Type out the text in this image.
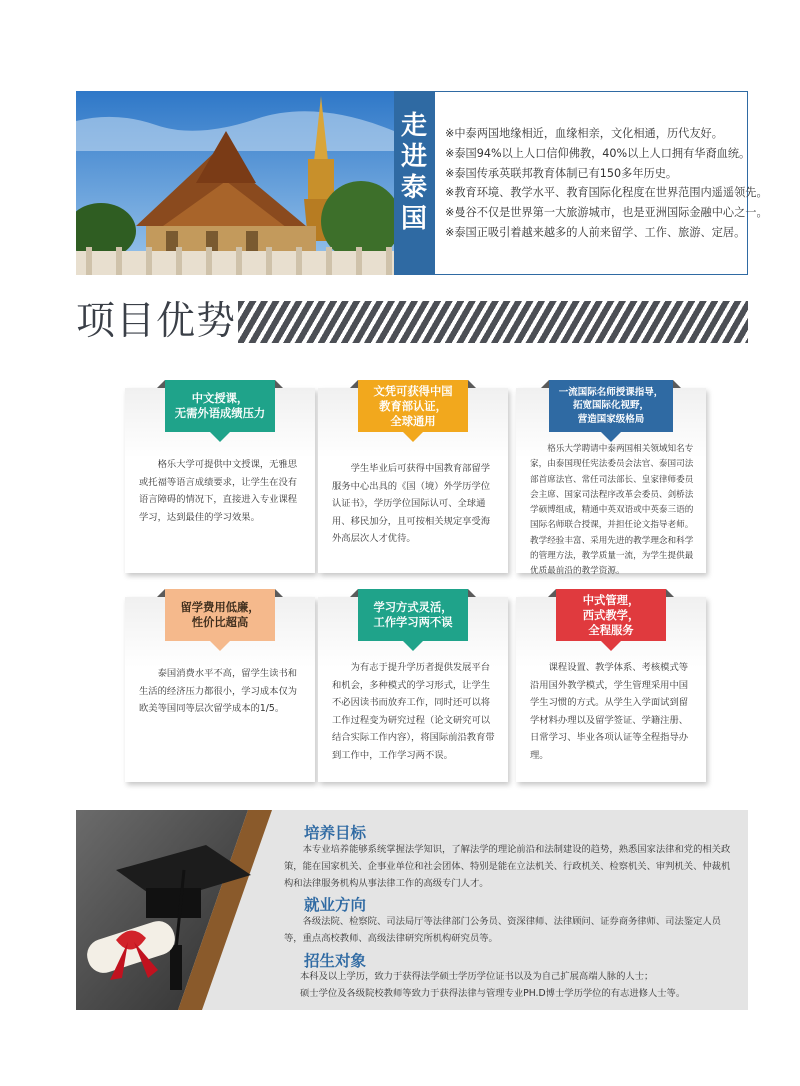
走进泰国
※中泰两国地缘相近，血缘相亲，文化相通，历代友好。
※泰国94%以上人口信仰佛教，40%以上人口拥有华裔血统。
※泰国传承英联邦教育体制已有150多年历史。
※教育环境、教学水平、教育国际化程度在世界范围内遥遥领先。
※曼谷不仅是世界第一大旅游城市，也是亚洲国际金融中心之一。
※泰国正吸引着越来越多的人前来留学、工作、旅游、定居。
项目优势
中文授课，
无需外语成绩压力
格乐大学可提供中文授课，无雅思或托福等语言成绩要求，让学生在没有语言障碍的情况下，直接进入专业课程学习，达到最佳的学习效果。
文凭可获得中国
教育部认证，
全球通用
学生毕业后可获得中国教育部留学服务中心出具的《国（境）外学历学位认证书》，学历学位国际认可、全球通用、移民加分，且可按相关规定享受海外高层次人才优待。
一流国际名师授课指导，
拓宽国际化视野，
营造国家级格局
格乐大学聘请中泰两国相关领域知名专家，由泰国现任宪法委员会法官、泰国司法部首席法官、常任司法部长、皇家律师委员会主席、国家司法程序改革会委员、剑桥法学硕博组成，精通中英双语或中英泰三语的国际名师联合授课，并担任论文指导老师。教学经验丰富、采用先进的教学理念和科学的管理方法，教学质量一流，为学生提供最优质最前沿的教学资源。
留学费用低廉，
性价比超高
泰国消费水平不高，留学生读书和生活的经济压力都很小，学习成本仅为欧美等国同等层次留学成本的1/5。
学习方式灵活，
工作学习两不误
为有志于提升学历者提供发展平台和机会，多种模式的学习形式，让学生不必因读书而放弃工作，同时还可以将工作过程变为研究过程（论文研究可以结合实际工作内容），将国际前沿教育带到工作中，工作学习两不误。
中式管理，
西式教学，
全程服务
课程设置、教学体系、考核模式等沿用国外教学模式，学生管理采用中国学生习惯的方式。从学生入学面试到留学材料办理以及留学签证、学籍注册、日常学习、毕业各项认证等全程指导办理。
培养目标
本专业培养能够系统掌握法学知识，了解法学的理论前沿和法制建设的趋势，熟悉国家法律和党的相关政策，能在国家机关、企事业单位和社会团体、特别是能在立法机关、行政机关、检察机关、审判机关、仲裁机构和法律服务机构从事法律工作的高级专门人才。
就业方向
各级法院、检察院、司法局厅等法律部门公务员、资深律师、法律顾问、证券商务律师、司法鉴定人员等，重点高校教师、高级法律研究所机构研究员等。
招生对象
本科及以上学历，致力于获得法学硕士学历学位证书以及为自己扩展高端人脉的人士；
硕士学位及各级院校教师等致力于获得法律与管理专业PH.D博士学历学位的有志进修人士等。
